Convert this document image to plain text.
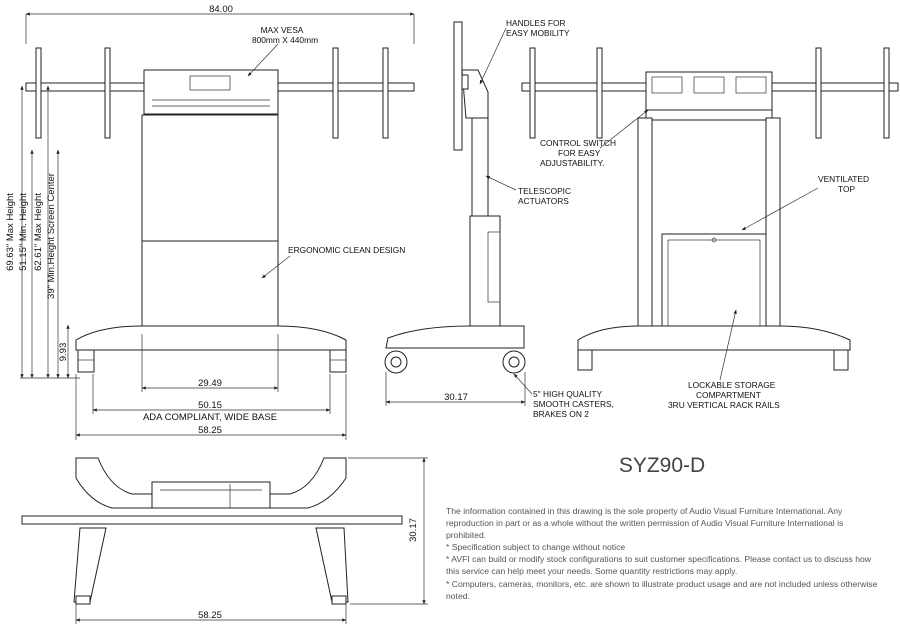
84.00
MAX VESA
800mm X 440mm
ERGONOMIC CLEAN DESIGN
69.63" Max Height 51.15" Min. Height 62.61" Max Height 39" Min.Height Screen Center
9.93
29.49
50.15
ADA COMPLIANT, WIDE BASE
58.25
HANDLES FOR
EASY MOBILITY
TELESCOPIC
ACTUATORS
5" HIGH QUALITY
SMOOTH CASTERS,
BRAKES ON 2
30.17
CONTROL SWITCH
FOR EASY
ADJUSTABILITY.
VENTILATED
TOP
LOCKABLE STORAGE
COMPARTMENT
3RU VERTICAL RACK RAILS
30.17
58.25
SYZ90-D

The information contained in this drawing is the sole property of Audio Visual Furniture International. Any reproduction in part or as a whole without the written permission of Audio Visual Furniture International is prohibited.

* Specification subject to change without notice

* AVFI can build or modify stock configurations to suit customer specifications. Please contact us to discuss how this service can help meet your needs. Some quantity restrictions may apply.

* Computers, cameras, monitors, etc. are shown to illustrate product usage and are not included unless otherwise noted.
